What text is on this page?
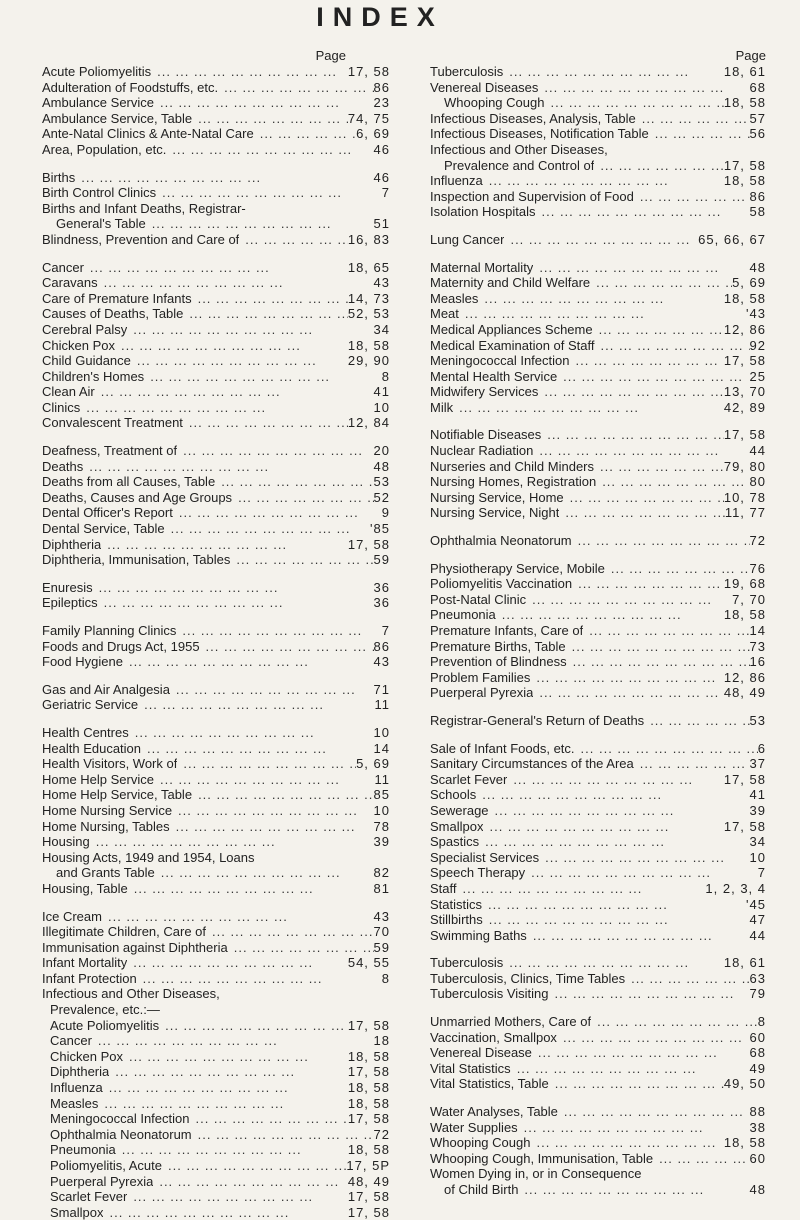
INDEX
Page	Page
Acute Poliomyelitis ... .	17, 58
Adulteration of Foodstuffs, etc. ... .	86
Ambulance Service ... .	23
Ambulance Service, Table ... .	74, 75
Ante-Natal Clinics & Ante-Natal Care ... .	6, 69
Area, Population, etc. ... .	46
Births ... .	46
Birth Control Clinics ... .	7
Births and Infant Deaths, Registrar-
General's Table ... .	51
Blindness, Prevention and Care of ... .	16, 83
Cancer ... .	18, 65
Caravans ... .	43
Care of Premature Infants ... .	14, 73
Causes of Deaths, Table ... .	52, 53
Cerebral Palsy ... .	34
Chicken Pox ... .	18, 58
Child Guidance ... .	29, 90
Children's Homes ... .	8
Clean Air ... .	41
Clinics ... .	10
Convalescent Treatment ... .	12, 84
Deafness, Treatment of ... .	20
Deaths ... .	48
Deaths from all Causes, Table ... .	53
Deaths, Causes and Age Groups ... .	52
Dental Officer's Report ... .	9
Dental Service, Table ... .	'85
Diphtheria ... .	17, 58
Diphtheria, Immunisation, Tables ... .	59
Enuresis ... .	36
Epileptics ... .	36
Family Planning Clinics ... .	7
Foods and Drugs Act, 1955 ... .	86
Food Hygiene ... .	43
Gas and Air Analgesia ... .	71
Geriatric Service ... .	11
Health Centres ... .	10
Health Education ... .	14
Health Visitors, Work of ... .	5, 69
Home Help Service ... .	11
Home Help Service, Table ... .	85
Home Nursing Service ... .	10
Home Nursing, Tables ... .	78
Housing ... .	39
Housing Acts, 1949 and 1954, Loans
and Grants Table ... .	82
Housing, Table ... .	81
Ice Cream ... .	43
Illegitimate Children, Care of ... .	70
Immunisation against Diphtheria ... .	59
Infant Mortality ... .	54, 55
Infant Protection ... .	8
Infectious and Other Diseases,
Prevalence, etc.:—
Acute Poliomyelitis ... .	17, 58
Cancer ... .	18
Chicken Pox ... .	18, 58
Diphtheria ... .	17, 58
Influenza ... .	18, 58
Measles ... .	18, 58
Meningococcal Infection ... .	17, 58
Ophthalmia Neonatorum ... .	72
Pneumonia ... .	18, 58
Poliomyelitis, Acute ... .	17, 5P
Puerperal Pyrexia ... .	48, 49
Scarlet Fever ... .	17, 58
Smallpox ... .	17, 58
Tuberculosis ... .	18, 61
Venereal Diseases ... .	68
Whooping Cough ... .	18, 58
Infectious Diseases, Analysis, Table ... .	57
Infectious Diseases, Notification Table ... .	56
Infectious and Other Diseases,
Prevalence and Control of ... .	17, 58
Influenza ... .	18, 58
Inspection and Supervision of Food ... .	86
Isolation Hospitals ... .	58
Lung Cancer ... .	65, 66, 67
Maternal Mortality ... .	48
Maternity and Child Welfare ... .	5, 69
Measles ... .	18, 58
Meat ... .	'43
Medical Appliances Scheme ... .	12, 86
Medical Examination of Staff ... .	92
Meningococcal Infection ... .	17, 58
Mental Health Service ... .	25
Midwifery Services ... .	13, 70
Milk ... .	42, 89
Notifiable Diseases ... .	17, 58
Nuclear Radiation ... .	44
Nurseries and Child Minders ... .	79, 80
Nursing Homes, Registration ... .	80
Nursing Service, Home ... .	10, 78
Nursing Service, Night ... .	11, 77
Ophthalmia Neonatorum ... .	72
Physiotherapy Service, Mobile ... .	76
Poliomyelitis Vaccination ... .	19, 68
Post-Natal Clinic ... .	7, 70
Pneumonia ... .	18, 58
Premature Infants, Care of ... .	14
Premature Births, Table ... .	73
Prevention of Blindness ... .	16
Problem Families ... .	12, 86
Puerperal Pyrexia ... .	48, 49
Registrar-General's Return of Deaths ... .	53
Sale of Infant Foods, etc. ... .	6
Sanitary Circumstances of the Area ... .	37
Scarlet Fever ... .	17, 58
Schools ... .	41
Sewerage ... .	39
Smallpox ... .	17, 58
Spastics ... .	34
Specialist Services ... .	10
Speech Therapy ... .	7
Staff ... .	1, 2, 3, 4
Statistics ... .	'45
Stillbirths ... .	47
Swimming Baths ... .	44
Tuberculosis ... .	18, 61
Tuberculosis, Clinics, Time Tables ... .	63
Tuberculosis Visiting ... .	79
Unmarried Mothers, Care of ... .	8
Vaccination, Smallpox ... .	60
Venereal Disease ... .	68
Vital Statistics ... .	49
Vital Statistics, Table ... .	49, 50
Water Analyses, Table ... .	88
Water Supplies ... .	38
Whooping Cough ... .	18, 58
Whooping Cough, Immunisation, Table ... .	60
Women Dying in, or in Consequence
of Child Birth ... .	48
